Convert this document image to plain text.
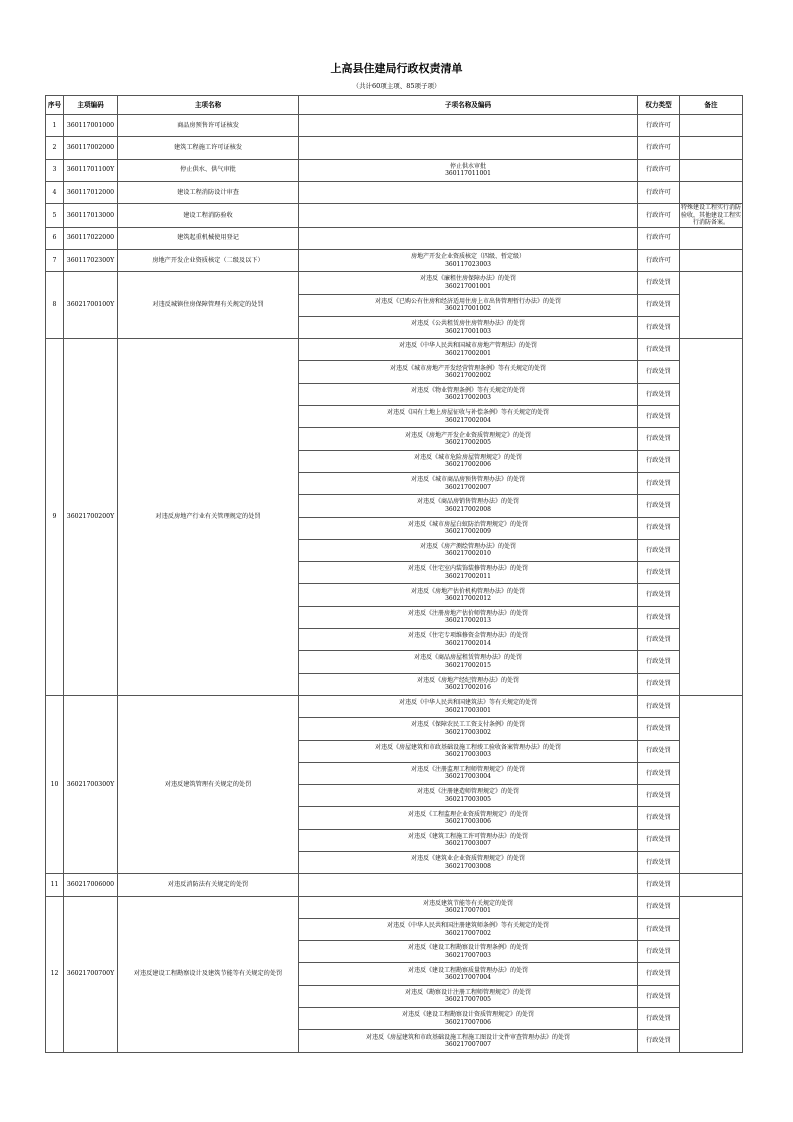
上高县住建局行政权责清单
（共计60项主项、85项子项）
序号	主项编码	主项名称	子项名称及编码	权力类型	备注
1	360117001000	商品房预售许可证核发		行政许可	
2	360117002000	建筑工程施工许可证核发		行政许可	
3	36011701100Y	停止供水、供气审批	停止供水审批
360117011001	行政许可	
4	360117012000	建设工程消防设计审查		行政许可	
5	360117013000	建设工程消防验收		行政许可	特殊建设工程实行消防验收，其他建设工程实行消防备案。
6	360117022000	建筑起重机械使用登记		行政许可	
7	36011702300Y	房地产开发企业资质核定（二级及以下）	房地产开发企业资质核定（四级、暂定级）
360117023003	行政许可	
8	36021700100Y	对违反城镇住房保障管理有关规定的处罚	对违反《廉租住房保障办法》的处罚
360217001001	行政处罚	

			对违反《已购公有住房和经济适用住房上市出售管理暂行办法》的处罚
360217001002	行政处罚	

			对违反《公共租赁房住房管理办法》的处罚
360217001003	行政处罚	
9	36021700200Y	对违反房地产行业有关管理规定的处罚	对违反《中华人民共和国城市房地产管理法》的处罚
360217002001	行政处罚	

			对违反《城市房地产开发经营管理条例》等有关规定的处罚
360217002002	行政处罚	

			对违反《物业管理条例》等有关规定的处罚
360217002003	行政处罚	

			对违反《国有土地上房屋征收与补偿条例》等有关规定的处罚
360217002004	行政处罚	

			对违反《房地产开发企业资质管理规定》的处罚
360217002005	行政处罚	

			对违反《城市危险房屋管理规定》的处罚
360217002006	行政处罚	

			对违反《城市商品房预售管理办法》的处罚
360217002007	行政处罚	

			对违反《商品房销售管理办法》的处罚
360217002008	行政处罚	

			对违反《城市房屋白蚁防治管理规定》的处罚
360217002009	行政处罚	

			对违反《房产测绘管理办法》的处罚
360217002010	行政处罚	

			对违反《住宅室内装饰装修管理办法》的处罚
360217002011	行政处罚	

			对违反《房地产估价机构管理办法》的处罚
360217002012	行政处罚	

			对违反《注册房地产估价师管理办法》的处罚
360217002013	行政处罚	

			对违反《住宅专项维修资金管理办法》的处罚
360217002014	行政处罚	

			对违反《商品房屋租赁管理办法》的处罚
360217002015	行政处罚	

			对违反《房地产经纪管理办法》的处罚
360217002016	行政处罚	
10	36021700300Y	对违反建筑管理有关规定的处罚	对违反《中华人民共和国建筑法》等有关规定的处罚
360217003001	行政处罚	

			对违反《保障农民工工资支付条例》的处罚
360217003002	行政处罚	

			对违反《房屋建筑和市政基础设施工程竣工验收备案管理办法》的处罚
360217003003	行政处罚	

			对违反《注册监理工程师管理规定》的处罚
360217003004	行政处罚	

			对违反《注册建造师管理规定》的处罚
360217003005	行政处罚	

			对违反《工程监理企业资质管理规定》的处罚
360217003006	行政处罚	

			对违反《建筑工程施工许可管理办法》的处罚
360217003007	行政处罚	

			对违反《建筑业企业资质管理规定》的处罚
360217003008	行政处罚	
11	360217006000	对违反消防法有关规定的处罚		行政处罚	
12	36021700700Y	对违反建设工程勘察设计及建筑节能等有关规定的处罚	对违反建筑节能等有关规定的处罚
360217007001	行政处罚	

			对违反《中华人民共和国注册建筑师条例》等有关规定的处罚
360217007002	行政处罚	

			对违反《建设工程勘察设计管理条例》的处罚
360217007003	行政处罚	

			对违反《建设工程勘察质量管理办法》的处罚
360217007004	行政处罚	

			对违反《勘察设计注册工程师管理规定》的处罚
360217007005	行政处罚	

			对违反《建设工程勘察设计资质管理规定》的处罚
360217007006	行政处罚	

			对违反《房屋建筑和市政基础设施工程施工图设计文件审查管理办法》的处罚
360217007007	行政处罚	
